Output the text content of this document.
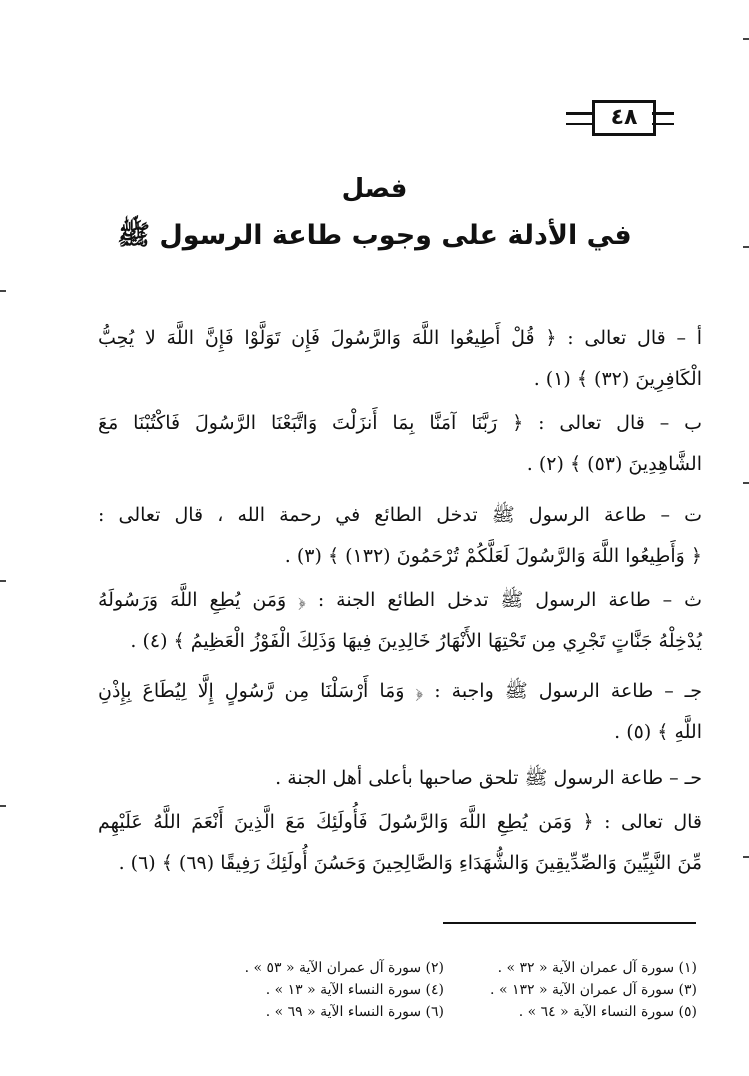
٤٨
فصل
في الأدلة على وجوب طاعة الرسول ﷺ
أ – قال تعالى : ﴿ قُلْ أَطِيعُوا اللَّهَ وَالرَّسُولَ فَإِن تَوَلَّوْا فَإِنَّ اللَّهَ لا يُحِبُّ
الْكَافِرِينَ (٣٢) ﴾ (١) .
ب – قال تعالى : ﴿ رَبَّنَا آمَنَّا بِمَا أَنزَلْتَ وَاتَّبَعْنَا الرَّسُولَ فَاكْتُبْنَا مَعَ
الشَّاهِدِينَ (٥٣) ﴾ (٢) .
ت – طاعة الرسول ﷺ تدخل الطائع في رحمة الله ، قال تعالى :
﴿ وَأَطِيعُوا اللَّهَ وَالرَّسُولَ لَعَلَّكُمْ تُرْحَمُونَ (١٣٢) ﴾ (٣) .
ث – طاعة الرسول ﷺ تدخل الطائع الجنة : ﴿ وَمَن يُطِعِ اللَّهَ وَرَسُولَهُ
يُدْخِلْهُ جَنَّاتٍ تَجْرِي مِن تَحْتِهَا الأَنْهَارُ خَالِدِينَ فِيهَا وَذَلِكَ الْفَوْزُ الْعَظِيمُ ﴾ (٤) .
جـ – طاعة الرسول ﷺ واجبة : ﴿ وَمَا أَرْسَلْنَا مِن رَّسُولٍ إِلَّا لِيُطَاعَ بِإِذْنِ
اللَّهِ ﴾ (٥) .
حـ – طاعة الرسول ﷺ تلحق صاحبها بأعلى أهل الجنة .
قال تعالى : ﴿ وَمَن يُطِعِ اللَّهَ وَالرَّسُولَ فَأُولَئِكَ مَعَ الَّذِينَ أَنْعَمَ اللَّهُ عَلَيْهِم
مِّنَ النَّبِيِّينَ وَالصِّدِّيقِينَ وَالشُّهَدَاءِ وَالصَّالِحِينَ وَحَسُنَ أُولَئِكَ رَفِيقًا (٦٩) ﴾ (٦) .
(١) سورة آل عمران الآية « ٣٢ » .
(٢) سورة آل عمران الآية « ٥٣ » .
(٣) سورة آل عمران الآية « ١٣٢ » .
(٤) سورة النساء الآية « ١٣ » .
(٥) سورة النساء الآية « ٦٤ » .
(٦) سورة النساء الآية « ٦٩ » .
